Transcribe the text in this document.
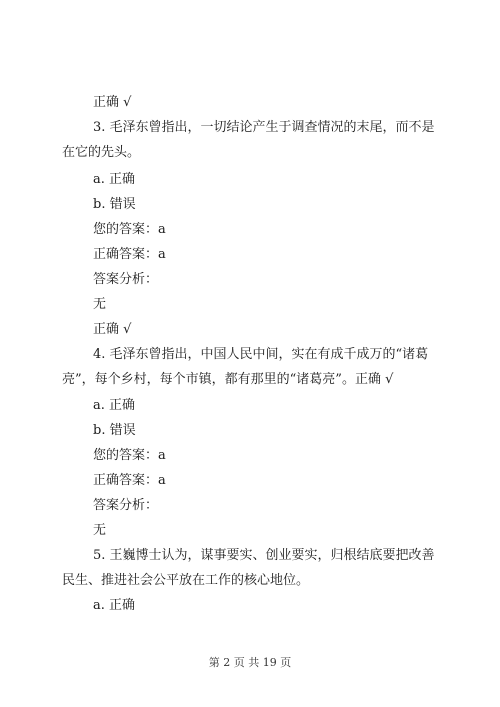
正确 √
3. 毛泽东曾指出，一切结论产生于调查情况的末尾，而不是
在它的先头。
a. 正确
b. 错误
您的答案：a
正确答案：a
答案分析：
无
正确 √
4. 毛泽东曾指出，中国人民中间，实在有成千成万的“诸葛
亮”，每个乡村，每个市镇，都有那里的“诸葛亮”。正确 √
a. 正确
b. 错误
您的答案：a
正确答案：a
答案分析：
无
5. 王巍博士认为，谋事要实、创业要实，归根结底要把改善
民生、推进社会公平放在工作的核心地位。
a. 正确
第 2 页 共 19 页
